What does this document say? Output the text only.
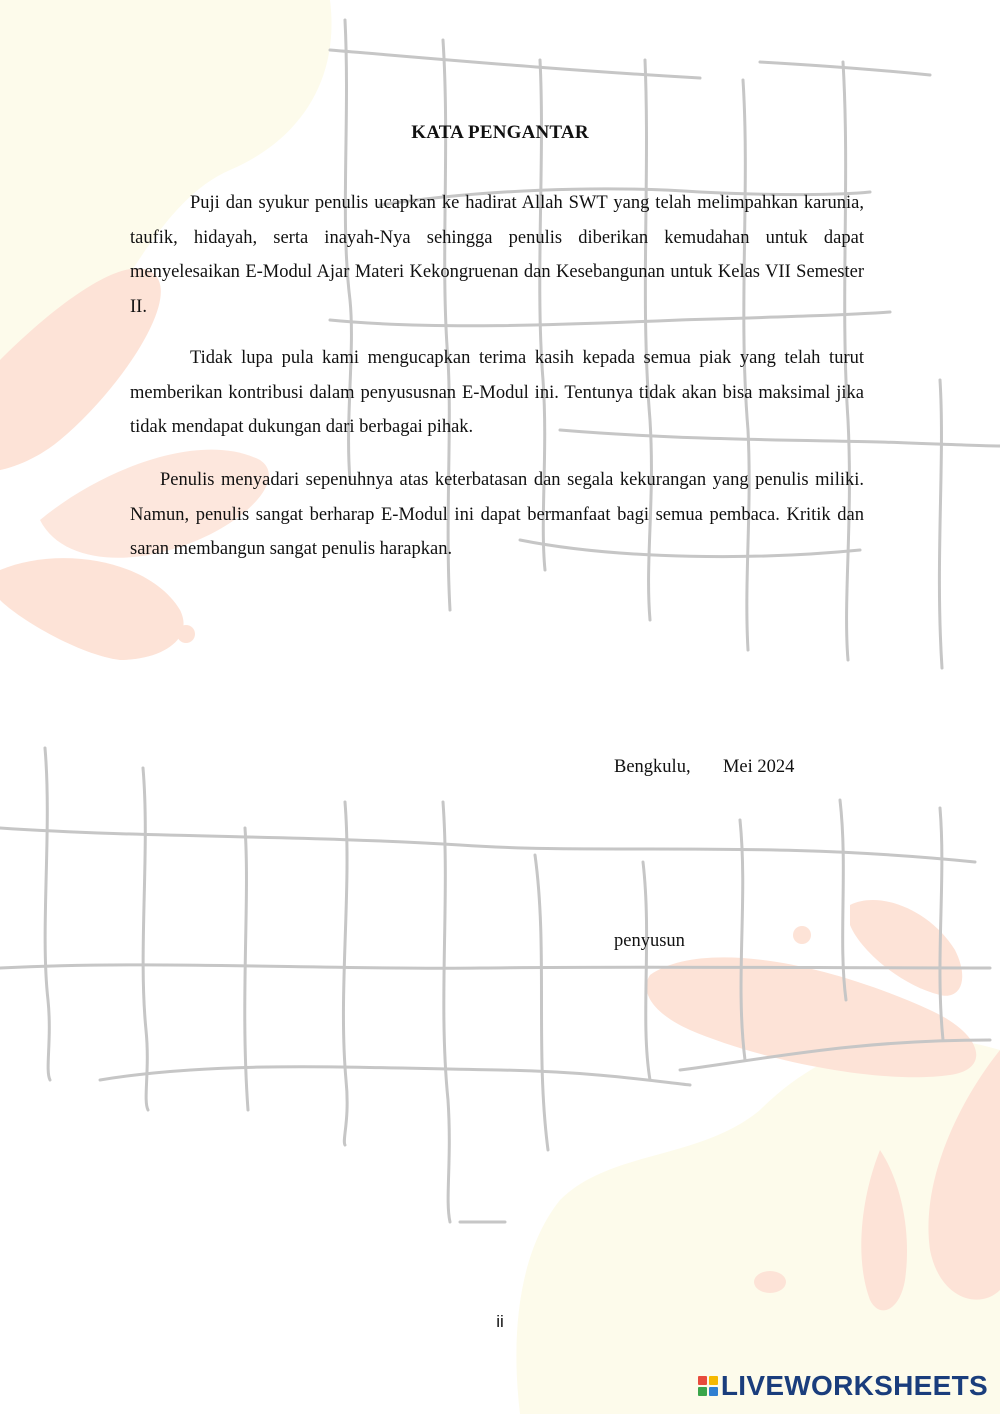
KATA PENGANTAR

Puji dan syukur penulis ucapkan ke hadirat Allah SWT yang telah melimpahkan karunia, taufik, hidayah, serta inayah-Nya sehingga penulis diberikan kemudahan untuk dapat menyelesaikan E-Modul Ajar Materi Kekongruenan dan Kesebangunan untuk Kelas VII Semester II.

Tidak lupa pula kami mengucapkan terima kasih kepada semua piak yang telah turut memberikan kontribusi dalam penyususnan E-Modul ini. Tentunya tidak akan bisa maksimal jika tidak mendapat dukungan dari berbagai pihak.

Penulis menyadari sepenuhnya atas keterbatasan dan segala kekurangan yang penulis miliki. Namun, penulis sangat berharap E-Modul ini dapat bermanfaat bagi semua pembaca. Kritik dan saran membangun sangat penulis harapkan.

Bengkulu,       Mei 2024
penyusun
ii
LIVEWORKSHEETS
